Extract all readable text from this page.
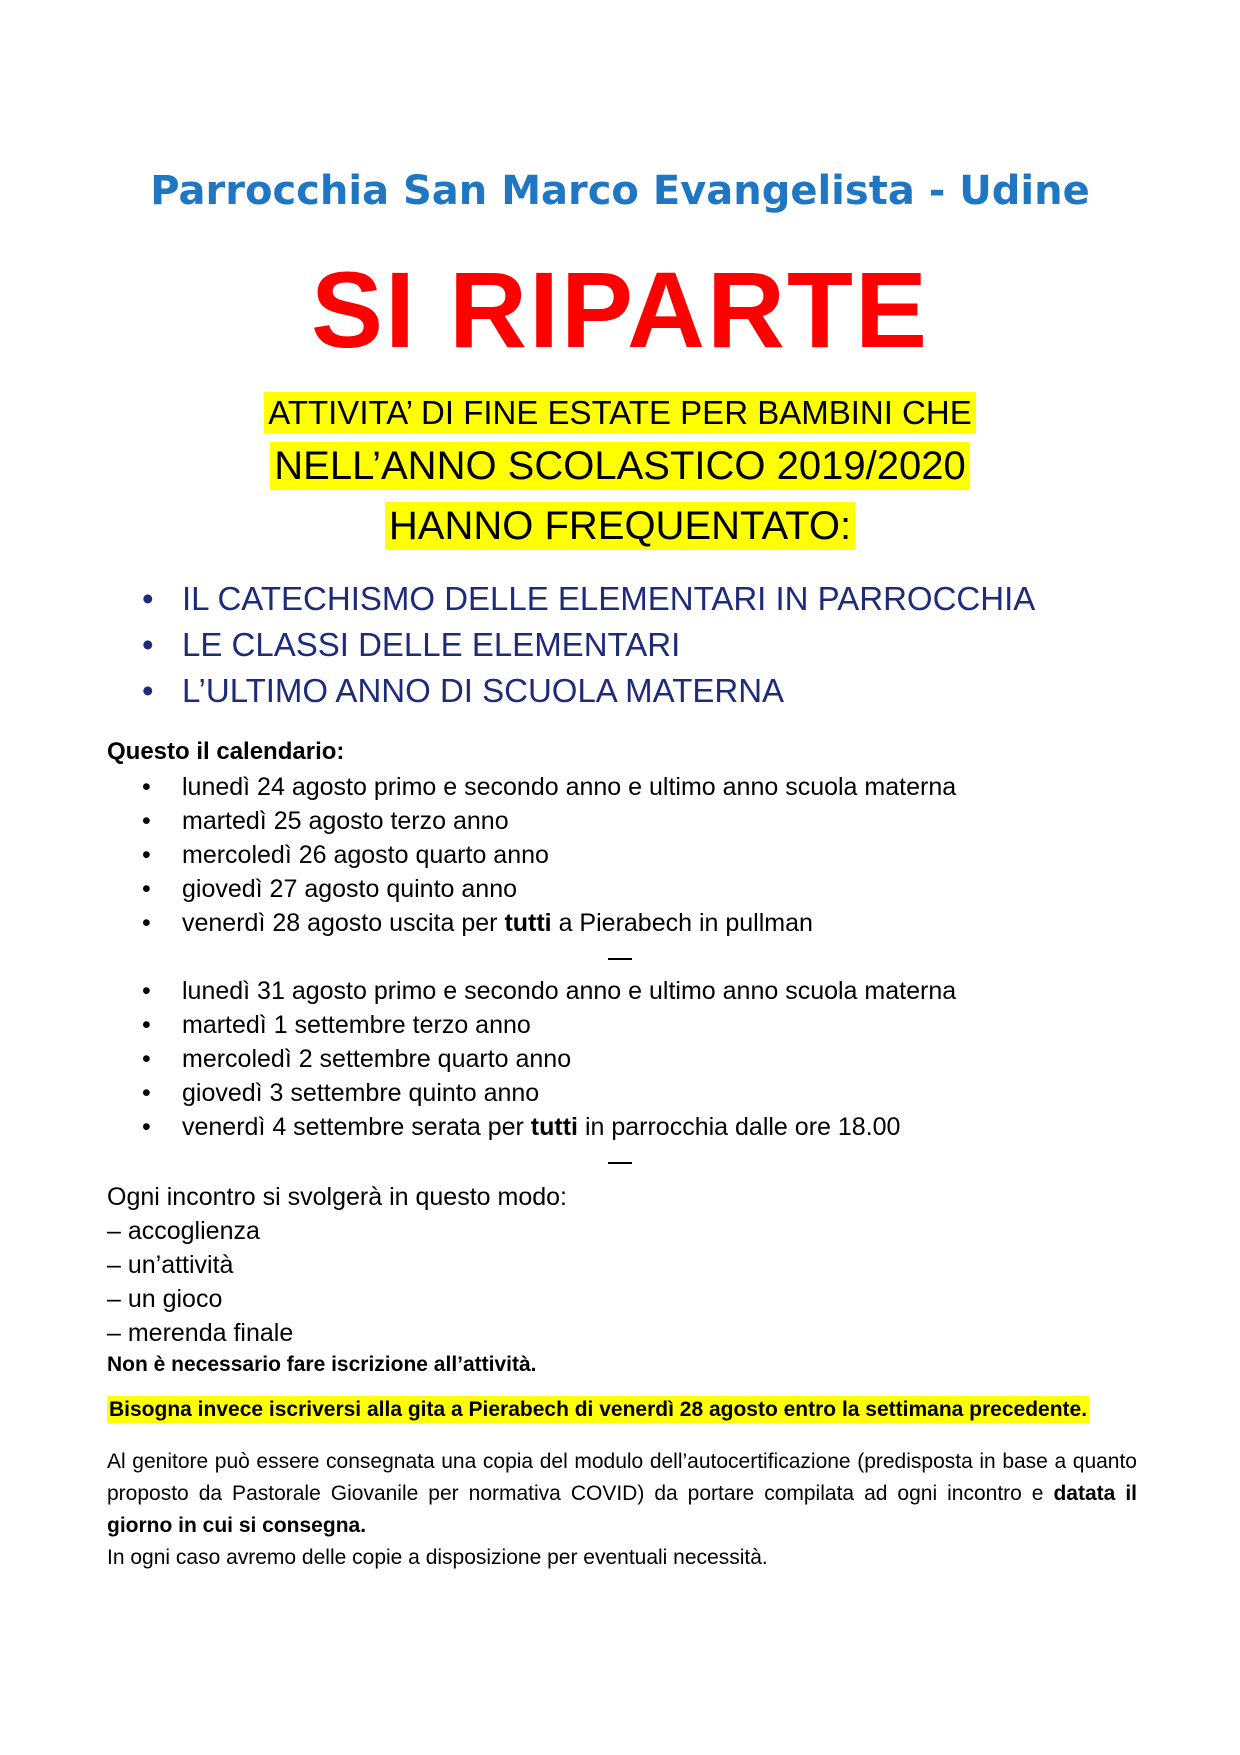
Parrocchia San Marco Evangelista - Udine
SI RIPARTE
ATTIVITA’ DI FINE ESTATE PER BAMBINI CHE
NELL’ANNO SCOLASTICO 2019/2020
HANNO FREQUENTATO:
• IL CATECHISMO DELLE ELEMENTARI IN PARROCCHIA
• LE CLASSI DELLE ELEMENTARI
• L’ULTIMO ANNO DI SCUOLA MATERNA
Questo il calendario:
• lunedì 24 agosto primo e secondo anno e ultimo anno scuola materna
• martedì 25 agosto terzo anno
• mercoledì 26 agosto quarto anno
• giovedì 27 agosto quinto anno
• venerdì 28 agosto uscita per tutti a Pierabech in pullman
• lunedì 31 agosto primo e secondo anno e ultimo anno scuola materna
• martedì 1 settembre terzo anno
• mercoledì 2 settembre quarto anno
• giovedì 3 settembre quinto anno
• venerdì 4 settembre serata per tutti in parrocchia dalle ore 18.00
Ogni incontro si svolgerà in questo modo:
– accoglienza
– un’attività
– un gioco
– merenda finale
Non è necessario fare iscrizione all’attività.
Bisogna invece iscriversi alla gita a Pierabech di venerdì 28 agosto entro la settimana precedente.
Al genitore può essere consegnata una copia del modulo dell’autocertificazione (predisposta in base a quanto proposto da Pastorale Giovanile per normativa COVID) da portare compilata ad ogni incontro e datata il giorno in cui si consegna.
In ogni caso avremo delle copie a disposizione per eventuali necessità.
